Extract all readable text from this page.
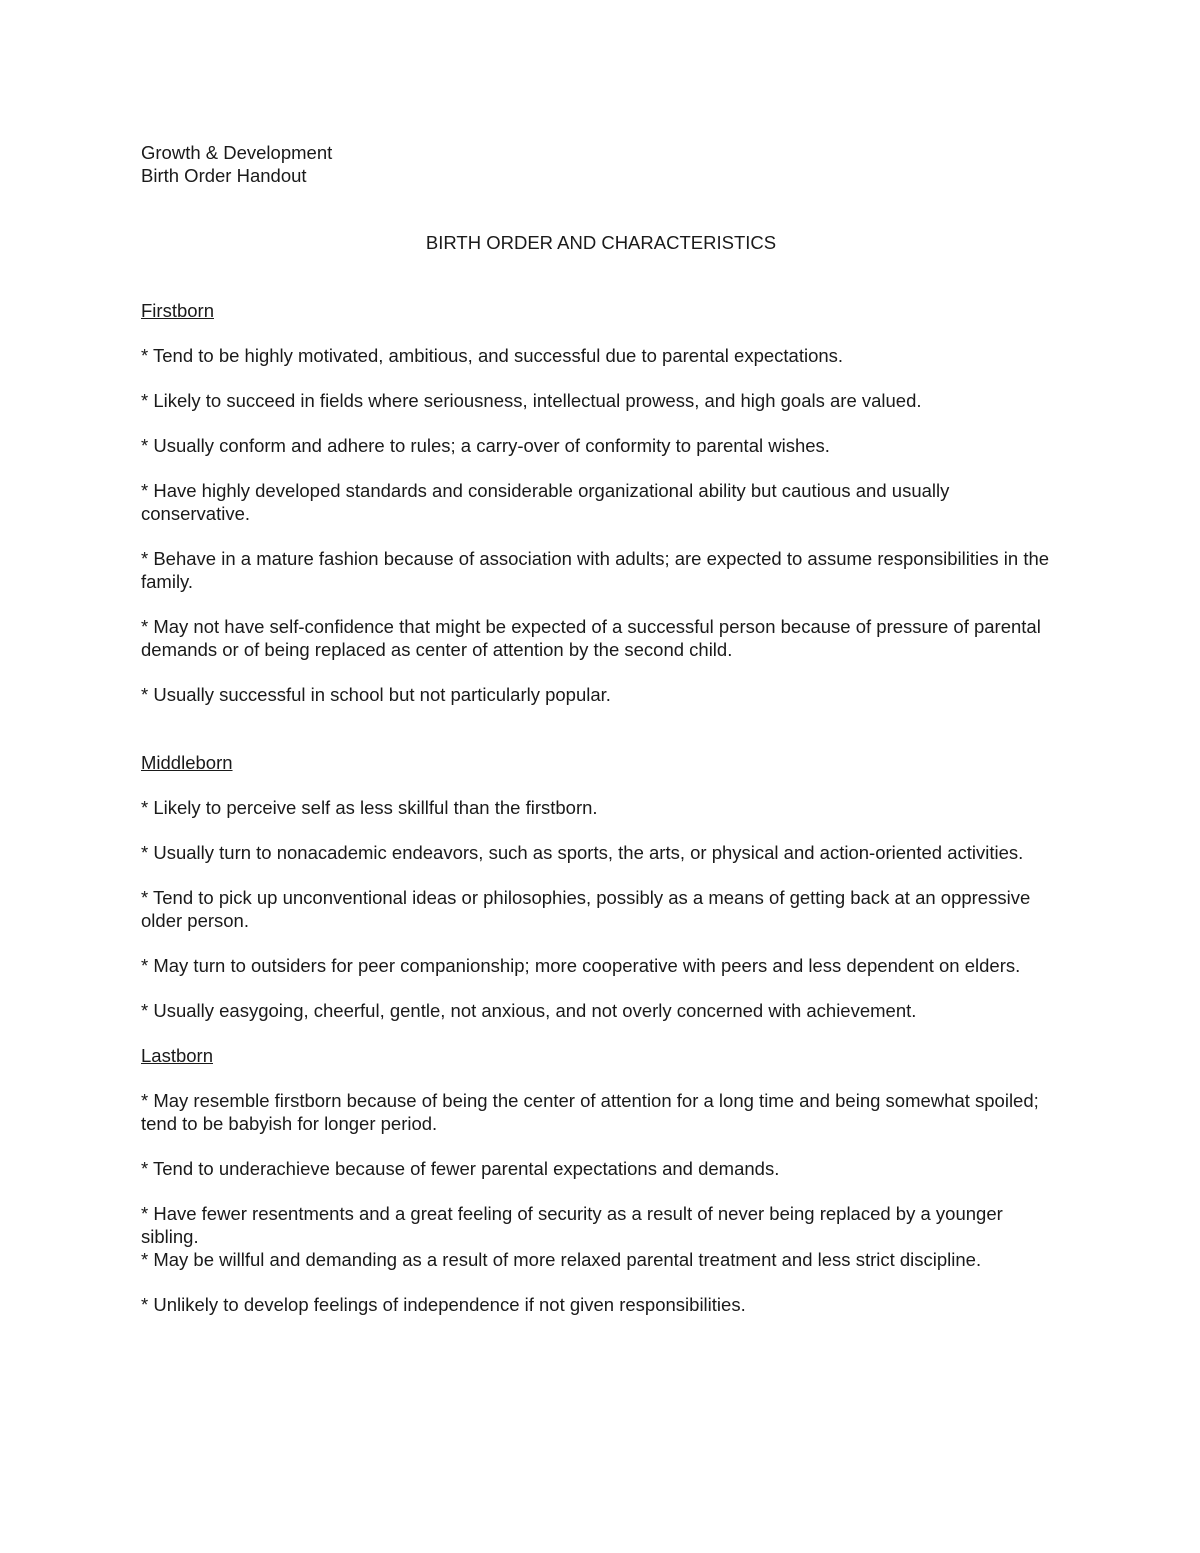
Growth & Development
Birth Order Handout

BIRTH ORDER AND CHARACTERISTICS

Firstborn

* Tend to be highly motivated, ambitious, and successful due to parental expectations.

* Likely to succeed in fields where seriousness, intellectual prowess, and high goals are valued.

* Usually conform and adhere to rules; a carry-over of conformity to parental wishes.

* Have highly developed standards and considerable organizational ability but cautious and usually conservative.

* Behave in a mature fashion because of association with adults; are expected to assume responsibilities in the family.

* May not have self-confidence that might be expected of a successful person because of pressure of parental demands or of being replaced as center of attention by the second child.

* Usually successful in school but not particularly popular.

Middleborn

* Likely to perceive self as less skillful than the firstborn.

* Usually turn to nonacademic endeavors, such as sports, the arts, or physical and action-oriented activities.

* Tend to pick up unconventional ideas or philosophies, possibly as a means of getting back at an oppressive older person.

* May turn to outsiders for peer companionship; more cooperative with peers and less dependent on elders.

* Usually easygoing, cheerful, gentle, not anxious, and not overly concerned with achievement.

Lastborn

* May resemble firstborn because of being the center of attention for a long time and being somewhat spoiled; tend to be babyish for longer period.

* Tend to underachieve because of fewer parental expectations and demands.

* Have fewer resentments and a great feeling of security as a result of never being replaced by a younger sibling.

* May be willful and demanding as a result of more relaxed parental treatment and less strict discipline.

* Unlikely to develop feelings of independence if not given responsibilities.
